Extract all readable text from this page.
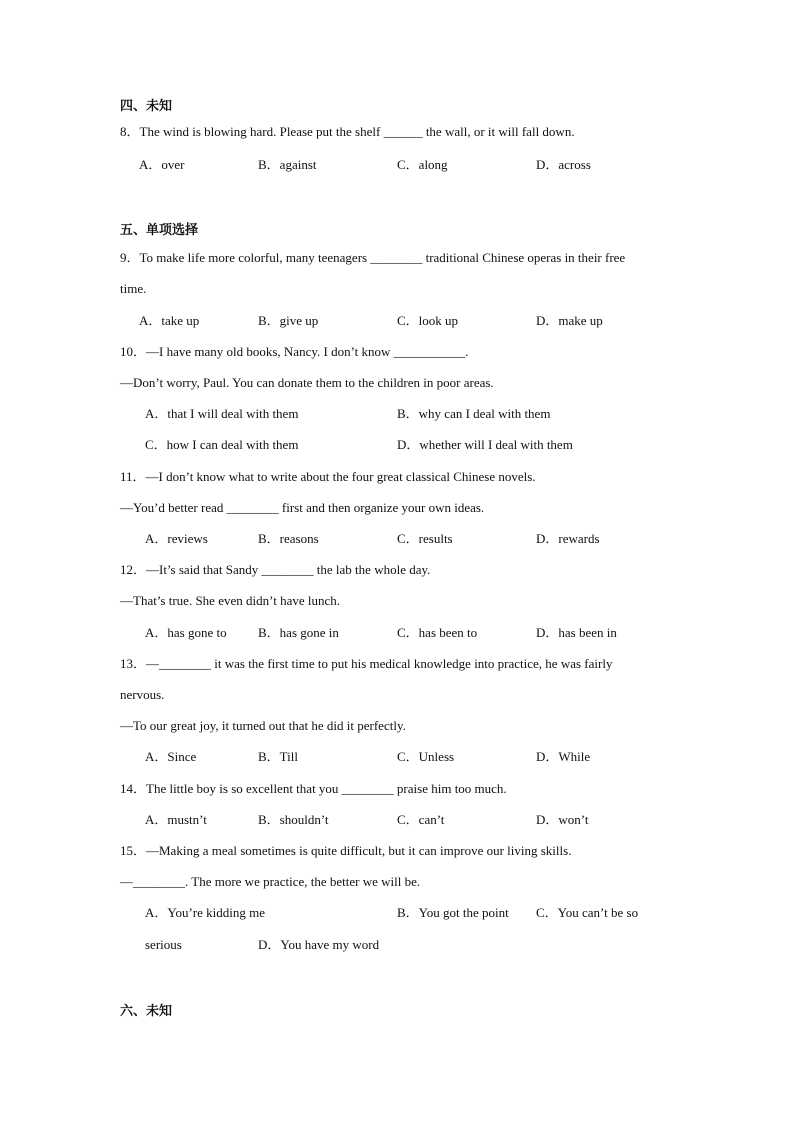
四、未知
8．The wind is blowing hard. Please put the shelf ______ the wall, or it will fall down.
A．over	B．against	C．along	D．across
五、单项选择
9．To make life more colorful, many teenagers ________ traditional Chinese operas in their free
time.
A．take up	B．give up	C．look up	D．make up
10．—I have many old books, Nancy. I don’t know ___________.
—Don’t worry, Paul. You can donate them to the children in poor areas.
A．that I will deal with them	B．why can I deal with them
C．how I can deal with them	D．whether will I deal with them
11．—I don’t know what to write about the four great classical Chinese novels.
—You’d better read ________ first and then organize your own ideas.
A．reviews	B．reasons	C．results	D．rewards
12．—It’s said that Sandy ________ the lab the whole day.
—That’s true. She even didn’t have lunch.
A．has gone to B．has gone in	C．has been to	D．has been in
13．—________ it was the first time to put his medical knowledge into practice, he was fairly
nervous.
—To our great joy, it turned out that he did it perfectly.
A．Since	B．Till	C．Unless	D．While
14．The little boy is so excellent that you ________ praise him too much.
A．mustn’t	B．shouldn’t	C．can’t	D．won’t
15．—Making a meal sometimes is quite difficult, but it can improve our living skills.
—________. The more we practice, the better we will be.
A．You’re kidding me	B．You got the point C．You can’t be so
serious	D．You have my word
六、未知
